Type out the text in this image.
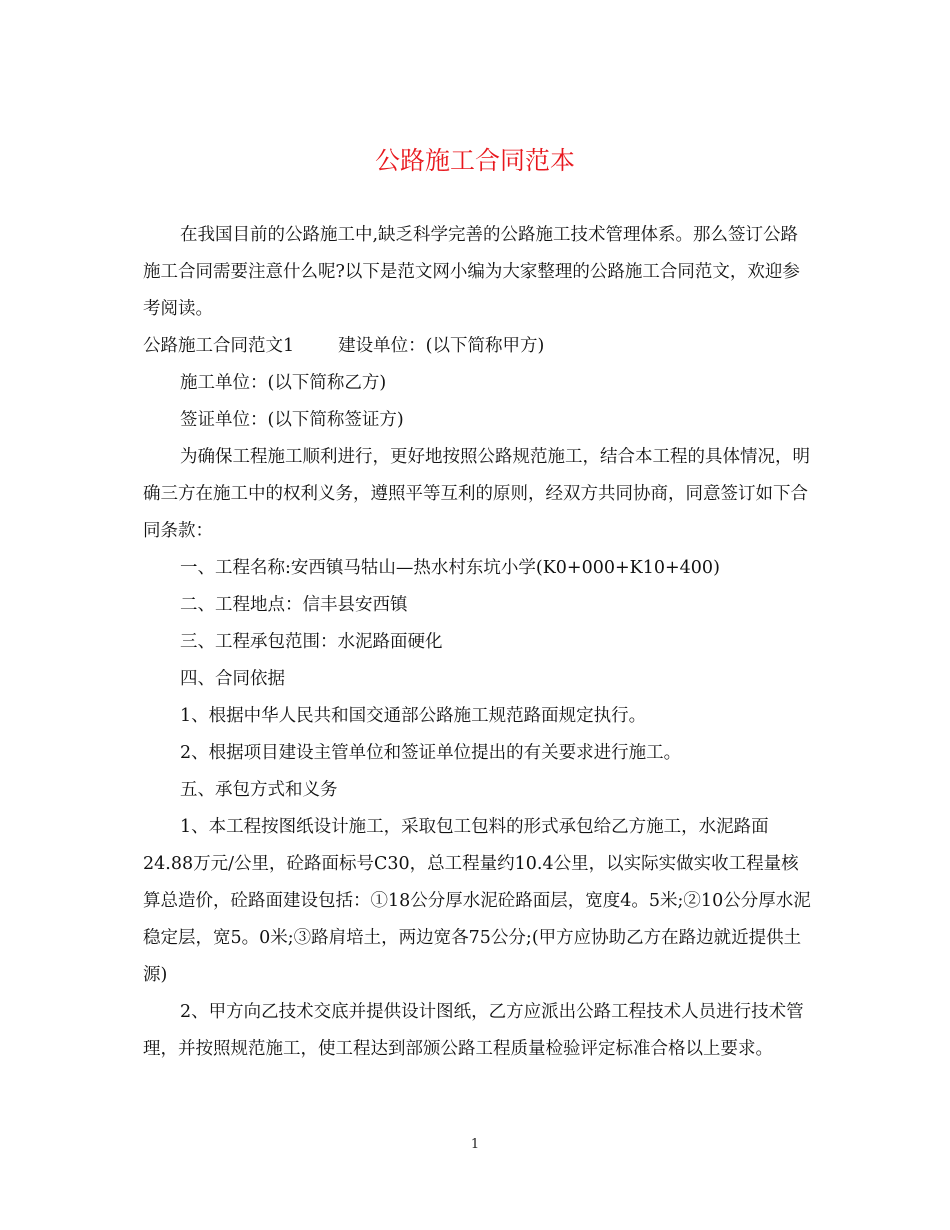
公路施工合同范本

在我国目前的公路施工中,缺乏科学完善的公路施工技术管理体系。那么签订公路施工合同需要注意什么呢?以下是范文网小编为大家整理的公路施工合同范文，欢迎参考阅读。

公路施工合同范文1	建设单位：(以下简称甲方)

施工单位：(以下简称乙方)

签证单位：(以下简称签证方)

为确保工程施工顺利进行，更好地按照公路规范施工，结合本工程的具体情况，明确三方在施工中的权利义务，遵照平等互利的原则，经双方共同协商，同意签订如下合同条款：

一、工程名称:安西镇马牯山—热水村东坑小学(K0+000+K10+400)

二、工程地点：信丰县安西镇

三、工程承包范围：水泥路面硬化

四、合同依据

1、根据中华人民共和国交通部公路施工规范路面规定执行。

2、根据项目建设主管单位和签证单位提出的有关要求进行施工。

五、承包方式和义务

1、本工程按图纸设计施工，采取包工包料的形式承包给乙方施工，水泥路面24.88万元/公里，砼路面标号C30，总工程量约10.4公里，以实际实做实收工程量核算总造价，砼路面建设包括：①18公分厚水泥砼路面层，宽度4。5米;②10公分厚水泥稳定层，宽5。0米;③路肩培土，两边宽各75公分;(甲方应协助乙方在路边就近提供土源)

2、甲方向乙技术交底并提供设计图纸，乙方应派出公路工程技术人员进行技术管理，并按照规范施工，使工程达到部颁公路工程质量检验评定标准合格以上要求。

1
